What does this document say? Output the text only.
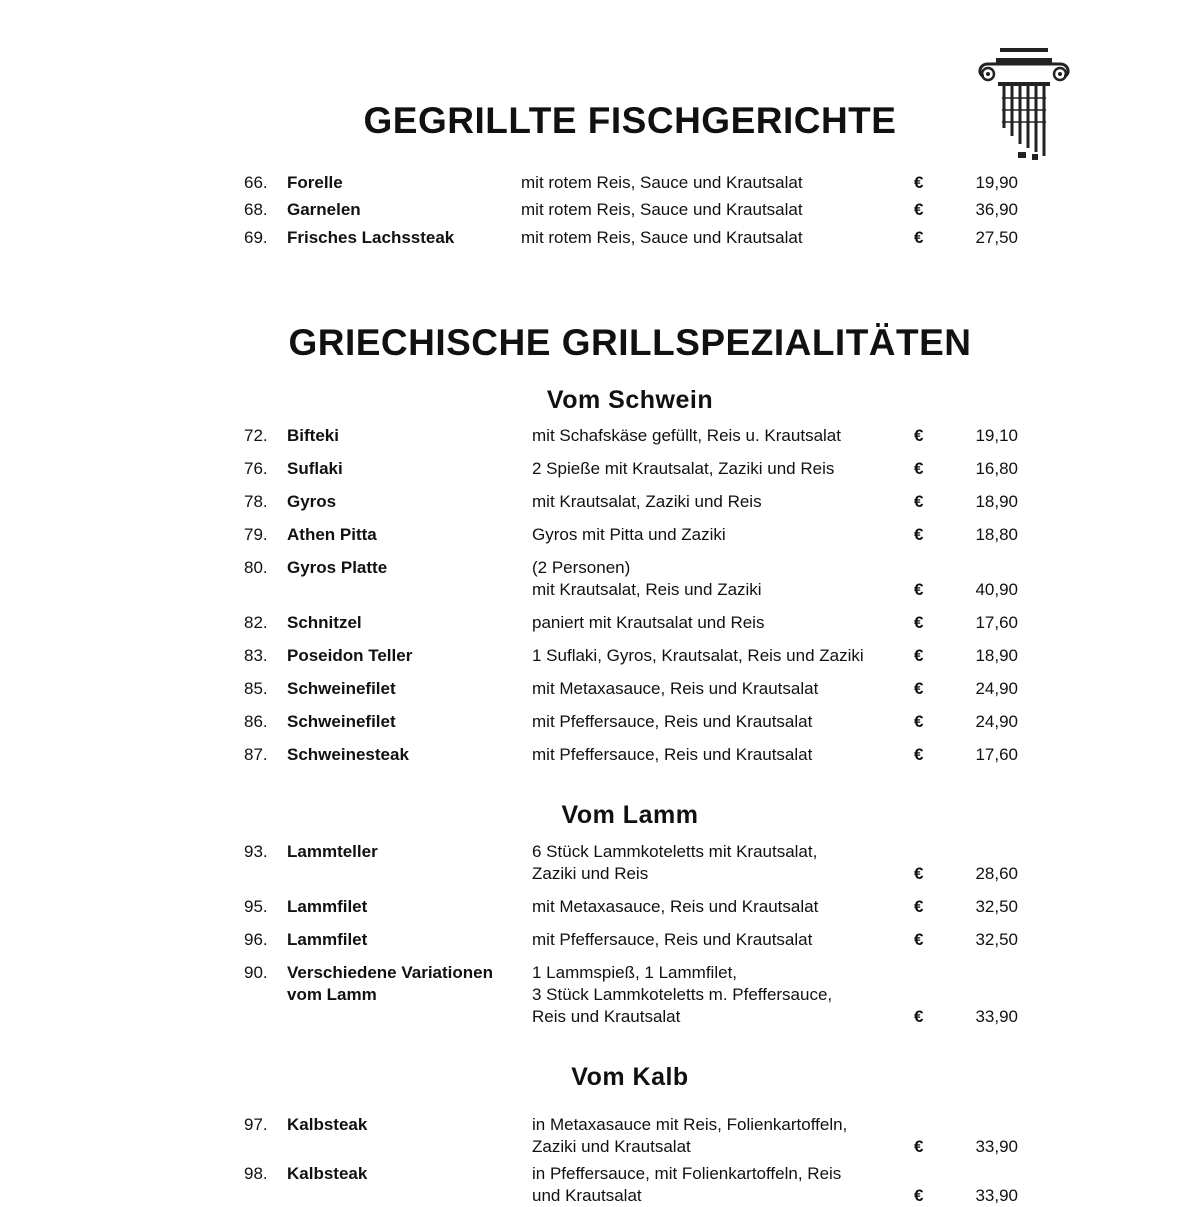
GEGRILLTE FISCHGERICHTE
66. Forelle	mit rotem Reis, Sauce und Krautsalat	€	19,90
68. Garnelen	mit rotem Reis, Sauce und Krautsalat	€	36,90
69. Frisches Lachssteak	mit rotem Reis, Sauce und Krautsalat	€	27,50
GRIECHISCHE GRILLSPEZIALITÄTEN
Vom Schwein
72. Bifteki	mit Schafskäse gefüllt, Reis u. Krautsalat	€	19,10
76. Suflaki	2 Spieße mit Krautsalat, Zaziki und Reis	€	16,80
78. Gyros	mit Krautsalat, Zaziki und Reis	€	18,90
79. Athen Pitta	Gyros mit Pitta und Zaziki	€	18,80
80. Gyros Platte	(2 Personen)
mit Krautsalat, Reis und Zaziki	€	40,90
82. Schnitzel	paniert mit Krautsalat und Reis	€	17,60
83. Poseidon Teller	1 Suflaki, Gyros, Krautsalat, Reis und Zaziki	€	18,90
85. Schweinefilet	mit Metaxasauce, Reis und Krautsalat	€	24,90
86. Schweinefilet	mit Pfeffersauce, Reis und Krautsalat	€	24,90
87. Schweinesteak	mit Pfeffersauce, Reis und Krautsalat	€	17,60
Vom Lamm
93. Lammteller	6 Stück Lammkoteletts mit Krautsalat,
Zaziki und Reis	€	28,60
95. Lammfilet	mit Metaxasauce, Reis und Krautsalat	€	32,50
96. Lammfilet	mit Pfeffersauce, Reis und Krautsalat	€	32,50
90. Verschiedene Variationen vom Lamm
1 Lammspieß, 1 Lammfilet,
3 Stück Lammkoteletts m. Pfeffersauce,
Reis und Krautsalat	€	33,90
Vom Kalb
97. Kalbsteak	in Metaxasauce mit Reis, Folienkartoffeln,
Zaziki und Krautsalat	€	33,90
98. Kalbsteak	in Pfeffersauce, mit Folienkartoffeln, Reis
und Krautsalat	€	33,90
